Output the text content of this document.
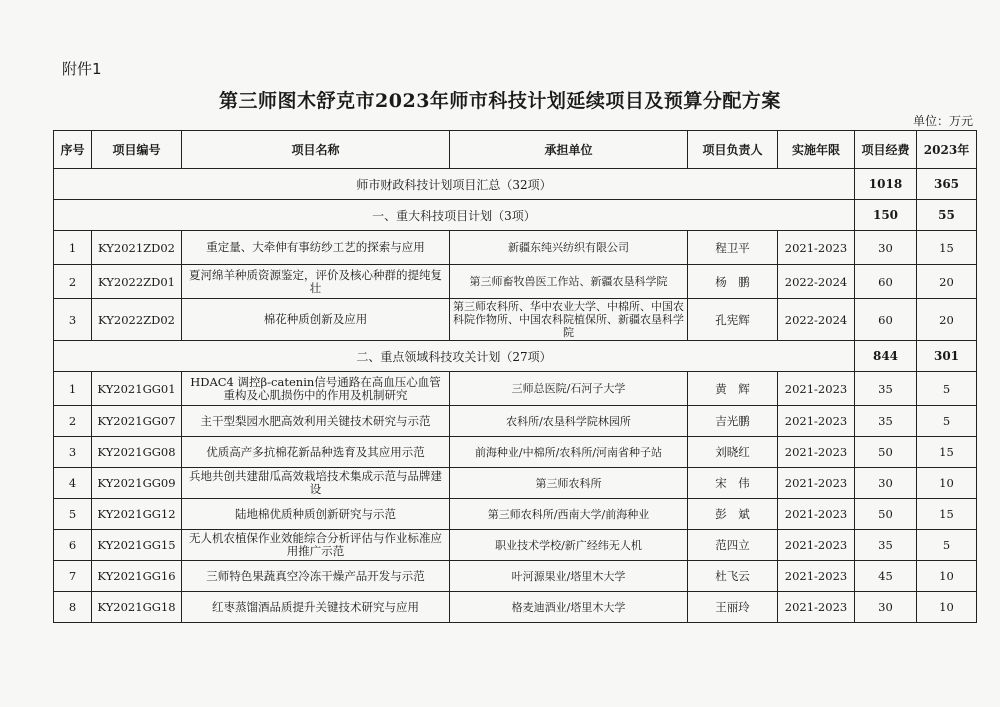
附件1
第三师图木舒克市2023年师市科技计划延续项目及预算分配方案
单位：万元
序号	项目编号	项目名称	承担单位	项目负责人	实施年限	项目经费	2023年
师市财政科技计划项目汇总（32项）						1018	365
一、重大科技项目计划（3项）						150	55
1	KY2021ZD02	重定量、大牵伸有事纺纱工艺的探索与应用	新疆东纯兴纺织有限公司	程卫平	2021-2023	30	15
2	KY2022ZD01	夏河绵羊种质资源鉴定，评价及核心种群的提纯复壮	第三师畜牧兽医工作站、新疆农垦科学院	杨　鹏	2022-2024	60	20
3	KY2022ZD02	棉花种质创新及应用	第三师农科所、华中农业大学、中棉所、中国农科院作物所、中国农科院植保所、新疆农垦科学院	孔宪辉	2022-2024	60	20
二、重点领域科技攻关计划（27项）						844	301
1	KY2021GG01	HDAC4 调控β-catenin信号通路在高血压心血管重构及心肌损伤中的作用及机制研究	三师总医院/石河子大学	黄　辉	2021-2023	35	5
2	KY2021GG07	主干型梨园水肥高效利用关键技术研究与示范	农科所/农垦科学院林园所	吉光鹏	2021-2023	35	5
3	KY2021GG08	优质高产多抗棉花新品种选育及其应用示范	前海种业/中棉所/农科所/河南省种子站	刘晓红	2021-2023	50	15
4	KY2021GG09	兵地共创共建甜瓜高效栽培技术集成示范与品牌建设	第三师农科所	宋　伟	2021-2023	30	10
5	KY2021GG12	陆地棉优质种质创新研究与示范	第三师农科所/西南大学/前海种业	彭　斌	2021-2023	50	15
6	KY2021GG15	无人机农植保作业效能综合分析评估与作业标准应用推广示范	职业技术学校/新广经纬无人机	范四立	2021-2023	35	5
7	KY2021GG16	三师特色果蔬真空冷冻干燥产品开发与示范	叶河源果业/塔里木大学	杜飞云	2021-2023	45	10
8	KY2021GG18	红枣蒸馏酒品质提升关键技术研究与应用	格麦迪酒业/塔里木大学	王丽玲	2021-2023	30	10
